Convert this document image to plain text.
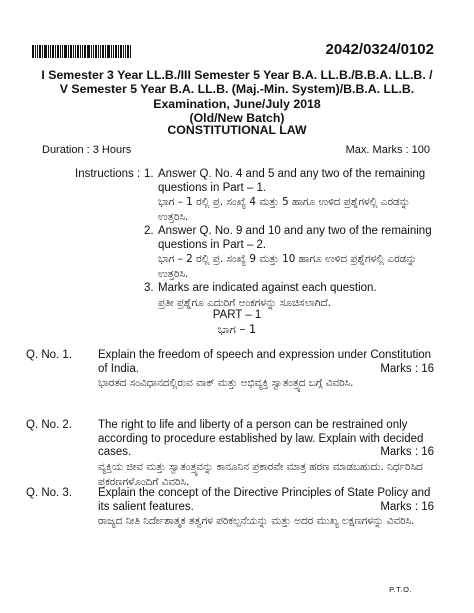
2042/0324/0102
I Semester 3 Year LL.B./III Semester 5 Year B.A. LL.B./B.B.A. LL.B. /
V Semester 5 Year B.A. LL.B. (Maj.-Min. System)/B.B.A. LL.B.
Examination, June/July 2018
(Old/New Batch)
CONSTITUTIONAL LAW
Duration : 3 Hours	Max. Marks : 100
Instructions : 1. Answer Q. No. 4 and 5 and any two of the remaining questions in Part – 1.
ಭಾಗ – 1 ರಲ್ಲಿ ಪ್ರ. ಸಂಖ್ಯೆ 4 ಮತ್ತು 5 ಹಾಗೂ ಉಳಿದ ಪ್ರಶ್ನೆಗಳಲ್ಲಿ ಎರಡನ್ನು ಉತ್ತರಿಸಿ.
2. Answer Q. No. 9 and 10 and any two of the remaining questions in Part – 2.
ಭಾಗ – 2 ರಲ್ಲಿ ಪ್ರ. ಸಂಖ್ಯೆ 9 ಮತ್ತು 10 ಹಾಗೂ ಉಳಿದ ಪ್ರಶ್ನೆಗಳಲ್ಲಿ ಎರಡನ್ನು ಉತ್ತರಿಸಿ.
3. Marks are indicated against each question.
ಪ್ರತೀ ಪ್ರಶ್ನೆಗೂ ಎದುರಿಗೆ ಅಂಕಗಳನ್ನು ಸೂಚಿಸಲಾಗಿದೆ.
PART – 1
ಭಾಗ – 1
Q. No. 1. Explain the freedom of speech and expression under Constitution of India.	Marks : 16
ಭಾರತದ ಸಂವಿಧಾನದಲ್ಲಿರುವ ವಾಕ್ ಮತ್ತು ಅಭಿವ್ಯಕ್ತಿ ಸ್ವಾತಂತ್ರ್ಯದ ಬಗ್ಗೆ ವಿವರಿಸಿ.
Q. No. 2. The right to life and liberty of a person can be restrained only according to procedure established by law. Explain with decided cases.	Marks : 16
ವ್ಯಕ್ತಿಯ ಜೀವ ಮತ್ತು ಸ್ವಾತಂತ್ರ್ಯವನ್ನು ಕಾನೂನಿನ ಪ್ರಕಾರವೇ ಮಾತ್ರ ಹರಣ ಮಾಡಬಹುದು. ನಿರ್ಧರಿಸಿದ ಪ್ರಕರಣಗಳೊಂದಿಗೆ ವಿವರಿಸಿ.
Q. No. 3. Explain the concept of the Directive Principles of State Policy and its salient features.	Marks : 16
ರಾಜ್ಯದ ನೀತಿ ನಿರ್ದೇಶಾತ್ಮಕ ತತ್ವಗಳ ಪರಿಕಲ್ಪನೆಯನ್ನು ಮತ್ತು ಅದರ ಮುಖ್ಯ ಲಕ್ಷಣಗಳನ್ನು ವಿವರಿಸಿ.
P.T.O.
